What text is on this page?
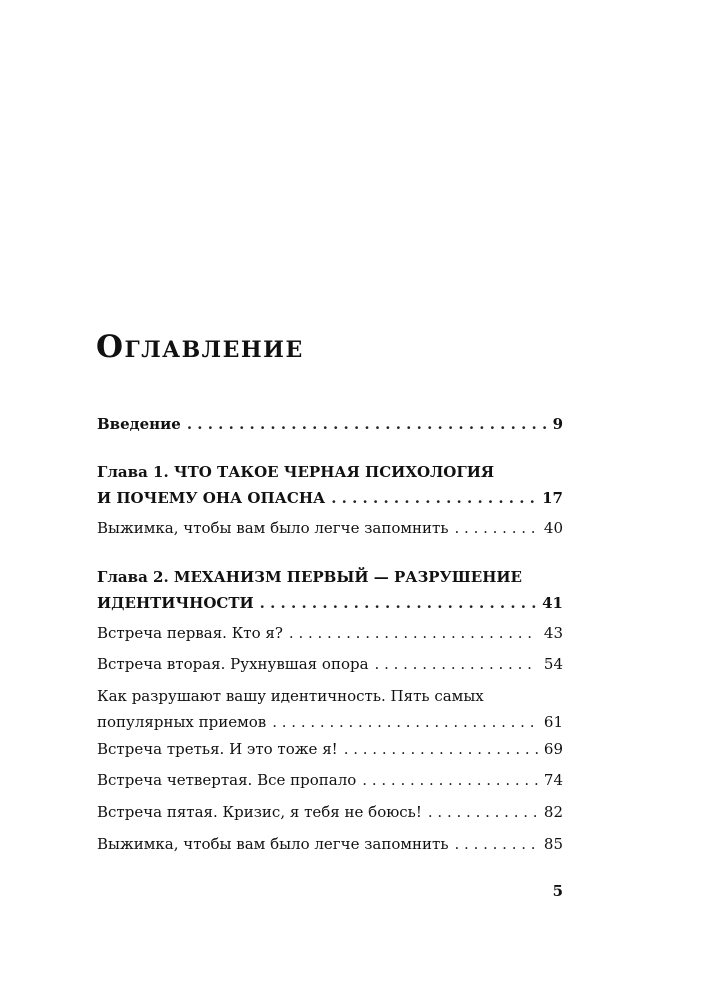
Оглавление
Введение . . .	9
Глава 1. ЧТО ТАКОЕ ЧЕРНАЯ ПСИХОЛОГИЯ
И ПОЧЕМУ ОНА ОПАСНА . . .	17
Выжимка, чтобы вам было легче запомнить . . .	40
Глава 2. МЕХАНИЗМ ПЕРВЫЙ — РАЗРУШЕНИЕ
ИДЕНТИЧНОСТИ . . .	41
Встреча первая. Кто я? . . .	43
Встреча вторая. Рухнувшая опора . . .	54
Как разрушают вашу идентичность. Пять самых
популярных приемов . . .	61
Встреча третья. И это тоже я! . . .	69
Встреча четвертая. Все пропало . . .	74
Встреча пятая. Кризис, я тебя не боюсь! . . .	82
Выжимка, чтобы вам было легче запомнить . . .	85
5
